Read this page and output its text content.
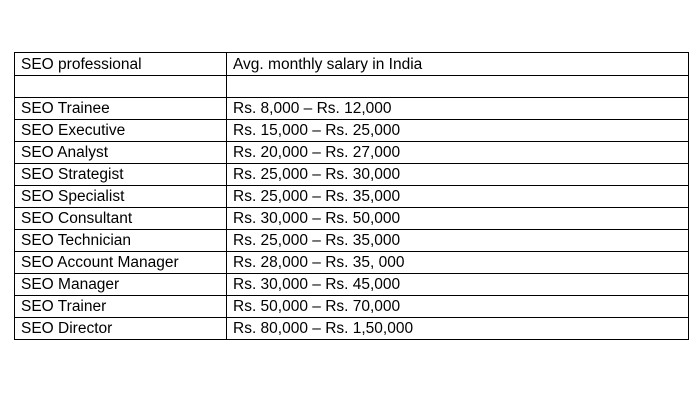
SEO professional	Avg. monthly salary in India

SEO Trainee	Rs. 8,000 – Rs. 12,000
SEO Executive	Rs. 15,000 – Rs. 25,000
SEO Analyst	Rs. 20,000 – Rs. 27,000
SEO Strategist	Rs. 25,000 – Rs. 30,000
SEO Specialist	Rs. 25,000 – Rs. 35,000
SEO Consultant	Rs. 30,000 – Rs. 50,000
SEO Technician	Rs. 25,000 – Rs. 35,000
SEO Account Manager	Rs. 28,000 – Rs. 35, 000
SEO Manager	Rs. 30,000 – Rs. 45,000
SEO Trainer	Rs. 50,000 – Rs. 70,000
SEO Director	Rs. 80,000 – Rs. 1,50,000
